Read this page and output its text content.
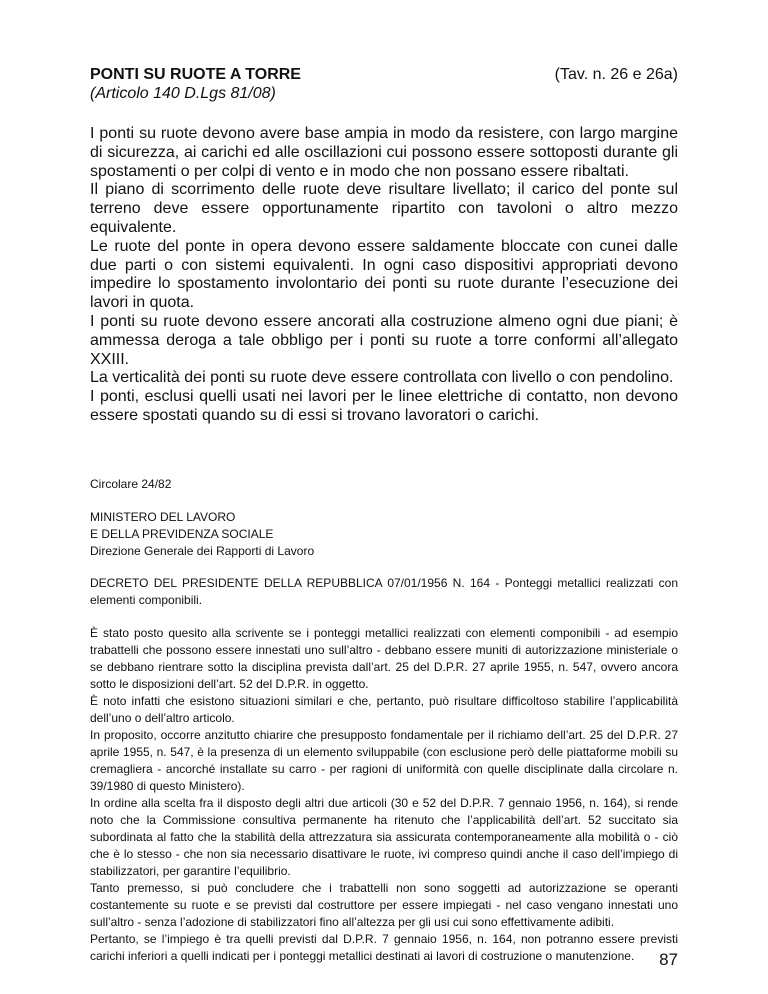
PONTI SU RUOTE A TORRE	(Tav. n. 26 e 26a)
(Articolo 140 D.Lgs 81/08)

I ponti su ruote devono avere base ampia in modo da resistere, con largo margine di sicurezza, ai carichi ed alle oscillazioni cui possono essere sottoposti durante gli spostamenti o per colpi di vento e in modo che non possano essere ribaltati.

Il piano di scorrimento delle ruote deve risultare livellato; il carico del ponte sul terreno deve essere opportunamente ripartito con tavoloni o altro mezzo equivalente.

Le ruote del ponte in opera devono essere saldamente bloccate con cunei dalle due parti o con sistemi equivalenti. In ogni caso dispositivi appropriati devono impedire lo spostamento involontario dei ponti su ruote durante l’esecuzione dei lavori in quota.

I ponti su ruote devono essere ancorati alla costruzione almeno ogni due piani; è ammessa deroga a tale obbligo per i ponti su ruote a torre conformi all’allegato XXIII.

La verticalità dei ponti su ruote deve essere controllata con livello o con pendolino.

I ponti, esclusi quelli usati nei lavori per le linee elettriche di contatto, non devono essere spostati quando su di essi si trovano lavoratori o carichi.

Circolare 24/82
MINISTERO DEL LAVORO
E DELLA PREVIDENZA SOCIALE
Direzione Generale dei Rapporti di Lavoro
DECRETO DEL PRESIDENTE DELLA REPUBBLICA 07/01/1956 N. 164 - Ponteggi metallici realizzati con elementi componibili.

È stato posto quesito alla scrivente se i ponteggi metallici realizzati con elementi componibili - ad esempio trabattelli che possono essere innestati uno sull’altro - debbano essere muniti di autorizzazione ministeriale o se debbano rientrare sotto la disciplina prevista dall’art. 25 del D.P.R. 27 aprile 1955, n. 547, ovvero ancora sotto le disposizioni dell’art. 52 del D.P.R. in oggetto.

È noto infatti che esistono situazioni similari e che, pertanto, può risultare difficoltoso stabilire l’applicabilità dell’uno o dell’altro articolo.

In proposito, occorre anzitutto chiarire che presupposto fondamentale per il richiamo dell’art. 25 del D.P.R. 27 aprile 1955, n. 547, è la presenza di un elemento sviluppabile (con esclusione però delle piattaforme mobili su cremagliera - ancorché installate su carro - per ragioni di uniformità con quelle disciplinate dalla circolare n. 39/1980 di questo Ministero).

In ordine alla scelta fra il disposto degli altri due articoli (30 e 52 del D.P.R. 7 gennaio 1956, n. 164), si rende noto che la Commissione consultiva permanente ha ritenuto che l’applicabilità dell’art. 52 succitato sia subordinata al fatto che la stabilità della attrezzatura sia assicurata contemporaneamente alla mobilità o - ciò che è lo stesso - che non sia necessario disattivare le ruote, ivi compreso quindi anche il caso dell’impiego di stabilizzatori, per garantire l’equilibrio.

Tanto premesso, si può concludere che i trabattelli non sono soggetti ad autorizzazione se operanti costantemente su ruote e se previsti dal costruttore per essere impiegati - nel caso vengano innestati uno sull’altro - senza l’adozione di stabilizzatori fino all’altezza per gli usi cui sono effettivamente adibiti.

Pertanto, se l’impiego è tra quelli previsti dal D.P.R. 7 gennaio 1956, n. 164, non potranno essere previsti carichi inferiori a quelli indicati per i ponteggi metallici destinati ai lavori di costruzione o manutenzione.	87
